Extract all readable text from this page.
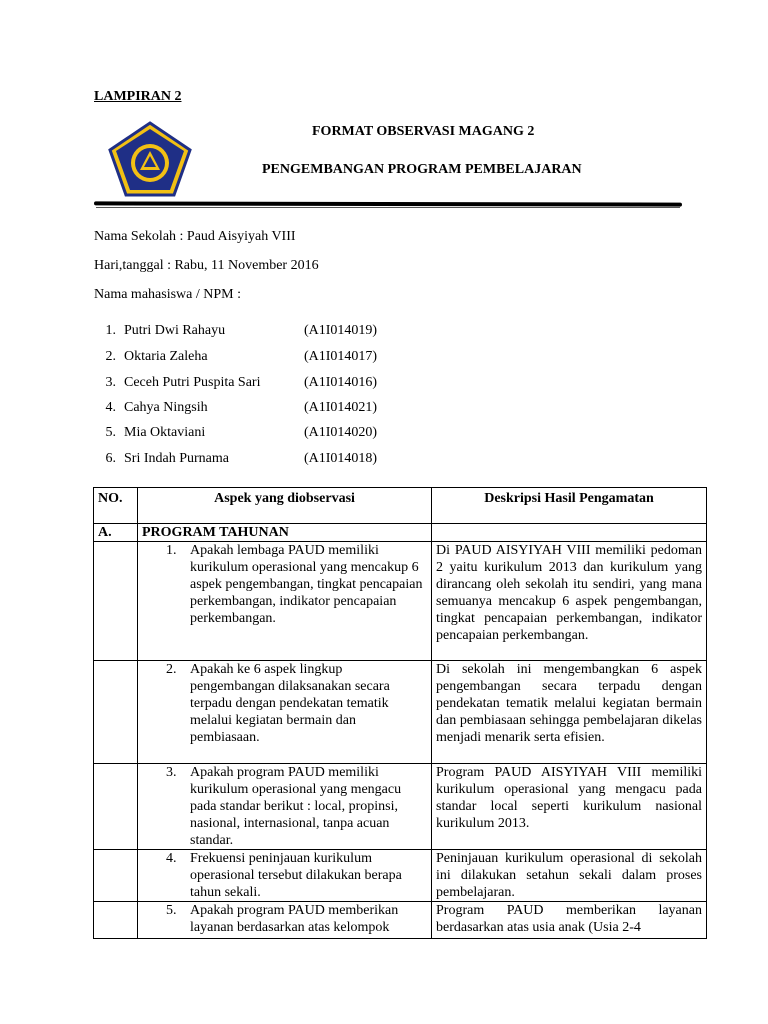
LAMPIRAN 2
FORMAT OBSERVASI MAGANG 2
PENGEMBANGAN PROGRAM PEMBELAJARAN
Nama Sekolah : Paud Aisyiyah VIII
Hari,tanggal : Rabu, 11 November 2016
Nama mahasiswa / NPM :
1. Putri Dwi Rahayu	(A1I014019)
2. Oktaria Zaleha	(A1I014017)
3. Ceceh Putri Puspita Sari	(A1I014016)
4. Cahya Ningsih	(A1I014021)
5. Mia Oktaviani	(A1I014020)
6. Sri Indah Purnama	(A1I014018)
NO.	Aspek yang diobservasi	Deskripsi Hasil Pengamatan
A.	PROGRAM TAHUNAN	

	1. Apakah lembaga PAUD memiliki kurikulum operasional yang mencakup 6 aspek pengembangan, tingkat pencapaian perkembangan, indikator pencapaian perkembangan.	Di PAUD AISYIYAH VIII memiliki pedoman 2 yaitu kurikulum 2013 dan kurikulum yang dirancang oleh sekolah itu sendiri, yang mana semuanya mencakup 6 aspek pengembangan, tingkat pencapaian perkembangan, indikator pencapaian perkembangan.

	2. Apakah ke 6 aspek lingkup pengembangan dilaksanakan secara terpadu dengan pendekatan tematik melalui kegiatan bermain dan pembiasaan.	Di sekolah ini mengembangkan 6 aspek pengembangan secara terpadu dengan pendekatan tematik melalui kegiatan bermain dan pembiasaan sehingga pembelajaran dikelas menjadi menarik serta efisien.

	3. Apakah program PAUD memiliki kurikulum operasional yang mengacu pada standar berikut : local, propinsi, nasional, internasional, tanpa acuan standar.	Program PAUD AISYIYAH VIII memiliki kurikulum operasional yang mengacu pada standar local seperti kurikulum nasional kurikulum 2013.

	4. Frekuensi peninjauan kurikulum operasional tersebut dilakukan berapa tahun sekali.	Peninjauan kurikulum operasional di sekolah ini dilakukan setahun sekali dalam proses pembelajaran.

	5. Apakah program PAUD memberikan layanan berdasarkan atas kelompok	Program PAUD memberikan layanan berdasarkan atas usia anak (Usia 2-4
